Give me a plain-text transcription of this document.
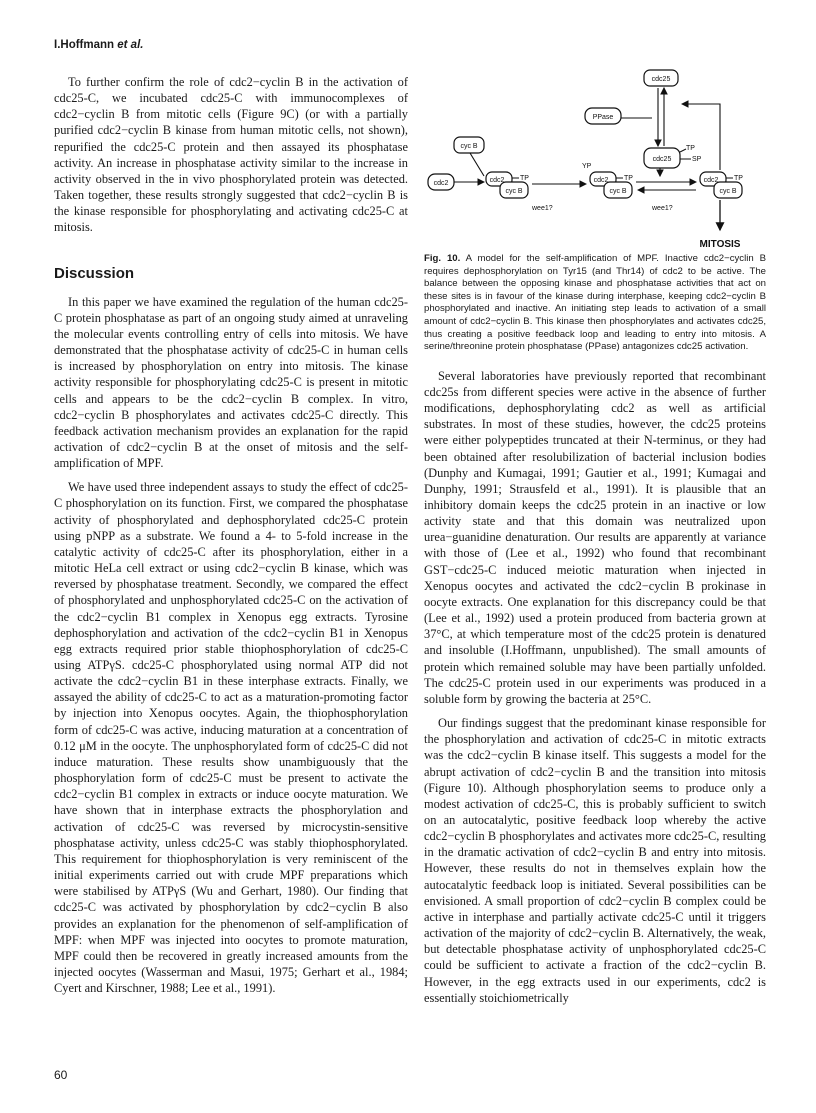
I.Hoffmann et al.

To further confirm the role of cdc2−cyclin B in the activation of cdc25-C, we incubated cdc25-C with immunocomplexes of cdc2−cyclin B from mitotic cells (Figure 9C) (or with a partially purified cdc2−cyclin B kinase from human mitotic cells, not shown), repurified the cdc25-C protein and then assayed its phosphatase activity. An increase in phosphatase activity similar to the increase in activity observed in the in vivo phosphorylated protein was detected. Taken together, these results strongly suggested that cdc2−cyclin B is the kinase responsible for phosphorylating and activating cdc25-C at mitosis.

Discussion

In this paper we have examined the regulation of the human cdc25-C protein phosphatase as part of an ongoing study aimed at unraveling the molecular events controlling entry of cells into mitosis. We have demonstrated that the phosphatase activity of cdc25-C in human cells is increased by phosphorylation on entry into mitosis. The kinase activity responsible for phosphorylating cdc25-C is present in mitotic cells and appears to be the cdc2−cyclin B complex. In vitro, cdc2−cyclin B phosphorylates and activates cdc25-C directly. This feedback activation mechanism provides an explanation for the rapid activation of cdc2−cyclin B at the onset of mitosis and the self-amplification of MPF.

We have used three independent assays to study the effect of cdc25-C phosphorylation on its function. First, we compared the phosphatase activity of phosphorylated and dephosphorylated cdc25-C protein using pNPP as a substrate. We found a 4- to 5-fold increase in the catalytic activity of cdc25-C after its phosphorylation, either in a mitotic HeLa cell extract or using cdc2−cyclin B kinase, which was reversed by phosphatase treatment. Secondly, we compared the effect of phosphorylated and unphosphorylated cdc25-C on the activation of the cdc2−cyclin B1 complex in Xenopus egg extracts. Tyrosine dephosphorylation and activation of the cdc2−cyclin B1 in Xenopus egg extracts required prior stable thiophosphorylation of cdc25-C using ATPγS. cdc25-C phosphorylated using normal ATP did not activate the cdc2−cyclin B1 in these interphase extracts. Finally, we assayed the ability of cdc25-C to act as a maturation-promoting factor by injection into Xenopus oocytes. Again, the thiophosphorylation form of cdc25-C was active, inducing maturation at a concentration of 0.12 μM in the oocyte. The unphosphorylated form of cdc25-C did not induce maturation. These results show unambiguously that the phosphorylation form of cdc25-C must be present to activate the cdc2−cyclin B1 complex in extracts or induce oocyte maturation. We have shown that in interphase extracts the phosphorylation and activation of cdc25-C was reversed by microcystin-sensitive phosphatase activity, unless cdc25-C was stably thiophosphorylated. This requirement for thiophosphorylation is very reminiscent of the initial experiments carried out with crude MPF preparations which were stabilised by ATPγS (Wu and Gerhart, 1980). Our finding that cdc25-C was activated by phosphorylation by cdc2−cyclin B also provides an explanation for the phenomenon of self-amplification of MPF: when MPF was injected into oocytes to promote maturation, MPF could then be recovered in greatly increased amounts from the injected oocytes (Wasserman and Masui, 1975; Gerhart et al., 1984; Cyert and Kirschner, 1988; Lee et al., 1991).

cdc25
PPase
cyc B
cdc2
cdc25
TP
SP
cdc2
cyc B
TP	cdc2
cyc B
YP
TP	cdc2
cyc B
TP
wee1?	wee1?
MITOSIS

Fig. 10. A model for the self-amplification of MPF. Inactive cdc2−cyclin B requires dephosphorylation on Tyr15 (and Thr14) of cdc2 to be active. The balance between the opposing kinase and phosphatase activities that act on these sites is in favour of the kinase during interphase, keeping cdc2−cyclin B phosphorylated and inactive. An initiating step leads to activation of a small amount of cdc2−cyclin B. This kinase then phosphorylates and activates cdc25, thus creating a positive feedback loop and leading to entry into mitosis. A serine/threonine protein phosphatase (PPase) antagonizes cdc25 activation.

Several laboratories have previously reported that recombinant cdc25s from different species were active in the absence of further modifications, dephosphorylating cdc2 as well as artificial substrates. In most of these studies, however, the cdc25 proteins were either polypeptides truncated at their N-terminus, or they had been obtained after resolubilization of bacterial inclusion bodies (Dunphy and Kumagai, 1991; Gautier et al., 1991; Kumagai and Dunphy, 1991; Strausfeld et al., 1991). It is plausible that an inhibitory domain keeps the cdc25 protein in an inactive or low activity state and that this domain was neutralized upon urea−guanidine denaturation. Our results are apparently at variance with those of (Lee et al., 1992) who found that recombinant GST−cdc25-C induced meiotic maturation when injected in Xenopus oocytes and activated the cdc2−cyclin B prokinase in oocyte extracts. One explanation for this discrepancy could be that (Lee et al., 1992) used a protein produced from bacteria grown at 37°C, at which temperature most of the cdc25 protein is denatured and insoluble (I.Hoffmann, unpublished). The small amounts of protein which remained soluble may have been partially unfolded. The cdc25-C protein used in our experiments was produced in a soluble form by growing the bacteria at 25°C.

Our findings suggest that the predominant kinase responsible for the phosphorylation and activation of cdc25-C in mitotic extracts was the cdc2−cyclin B kinase itself. This suggests a model for the abrupt activation of cdc2−cyclin B and the transition into mitosis (Figure 10). Although phosphorylation seems to produce only a modest activation of cdc25-C, this is probably sufficient to switch on an autocatalytic, positive feedback loop whereby the active cdc2−cyclin B phosphorylates and activates more cdc25-C, resulting in the dramatic activation of cdc2−cyclin B and entry into mitosis. However, these results do not in themselves explain how the autocatalytic feedback loop is initiated. Several possibilities can be envisioned. A small proportion of cdc2−cyclin B complex could be active in interphase and partially activate cdc25-C until it triggers activation of the majority of cdc2−cyclin B. Alternatively, the weak, but detectable phosphatase activity of unphosphorylated cdc25-C could be sufficient to activate a fraction of the cdc2−cyclin B. However, in the egg extracts used in our experiments, cdc2 is essentially stoichiometrically

60
